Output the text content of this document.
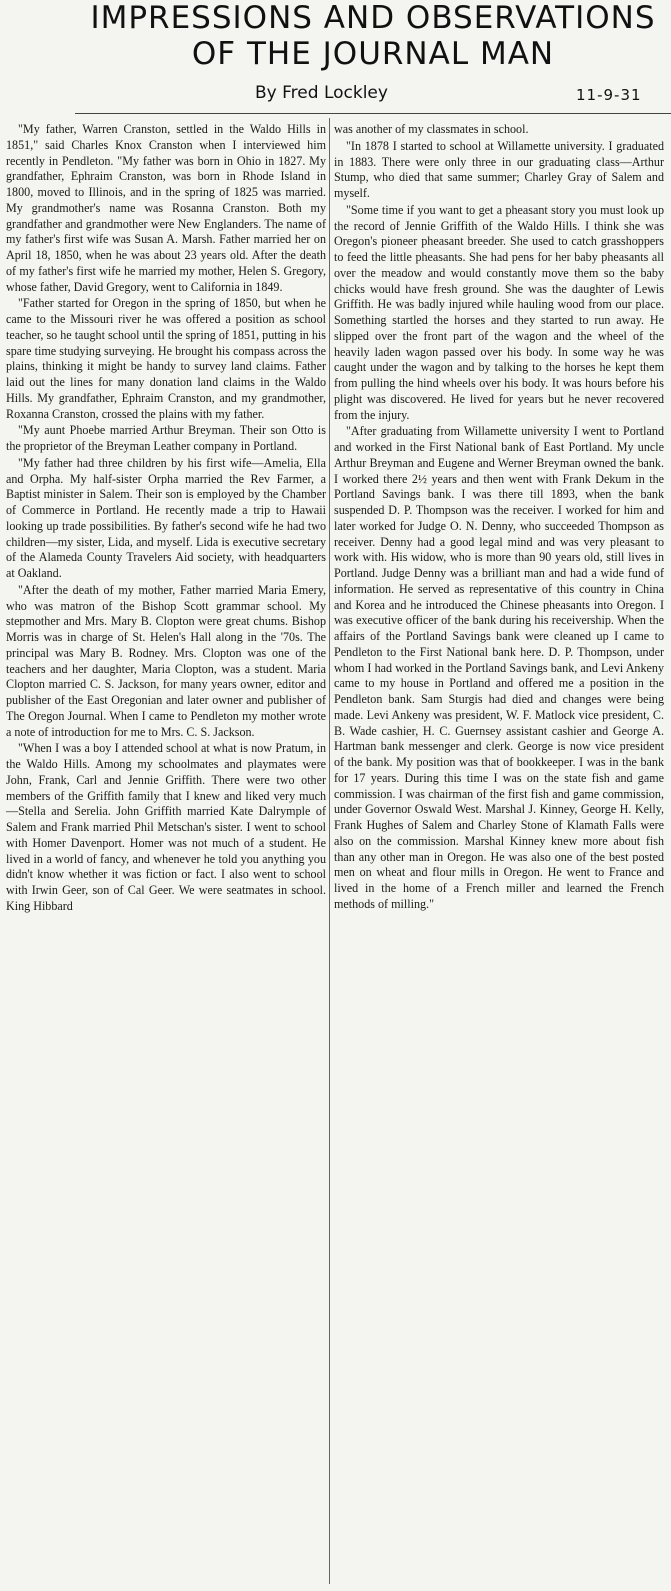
IMPRESSIONS AND OBSERVATIONS
OF THE JOURNAL MAN
By Fred Lockley	11-9-31

"My father, Warren Cranston, settled in the Waldo Hills in 1851," said Charles Knox Cranston when I interviewed him recently in Pendleton. "My father was born in Ohio in 1827. My grandfather, Ephraim Cranston, was born in Rhode Island in 1800, moved to Illinois, and in the spring of 1825 was married. My grandmother's name was Rosanna Cranston. Both my grandfather and grandmother were New Englanders. The name of my father's first wife was Susan A. Marsh. Father married her on April 18, 1850, when he was about 23 years old. After the death of my father's first wife he married my mother, Helen S. Gregory, whose father, David Gregory, went to California in 1849.

"Father started for Oregon in the spring of 1850, but when he came to the Missouri river he was offered a position as school teacher, so he taught school until the spring of 1851, putting in his spare time studying surveying. He brought his compass across the plains, thinking it might be handy to survey land claims. Father laid out the lines for many donation land claims in the Waldo Hills. My grandfather, Ephraim Cranston, and my grandmother, Roxanna Cranston, crossed the plains with my father.

"My aunt Phoebe married Arthur Breyman. Their son Otto is the proprietor of the Breyman Leather company in Portland.

"My father had three children by his first wife—Amelia, Ella and Orpha. My half-sister Orpha married the Rev Farmer, a Baptist minister in Salem. Their son is employed by the Chamber of Commerce in Portland. He recently made a trip to Hawaii looking up trade possibilities. By father's second wife he had two children—my sister, Lida, and myself. Lida is executive secretary of the Alameda County Travelers Aid society, with headquarters at Oakland.

"After the death of my mother, Father married Maria Emery, who was matron of the Bishop Scott grammar school. My stepmother and Mrs. Mary B. Clopton were great chums. Bishop Morris was in charge of St. Helen's Hall along in the '70s. The principal was Mary B. Rodney. Mrs. Clopton was one of the teachers and her daughter, Maria Clopton, was a student. Maria Clopton married C. S. Jackson, for many years owner, editor and publisher of the East Oregonian and later owner and publisher of The Oregon Journal. When I came to Pendleton my mother wrote a note of introduction for me to Mrs. C. S. Jackson.

"When I was a boy I attended school at what is now Pratum, in the Waldo Hills. Among my schoolmates and playmates were John, Frank, Carl and Jennie Griffith. There were two other members of the Griffith family that I knew and liked very much—Stella and Serelia. John Griffith married Kate Dalrymple of Salem and Frank married Phil Metschan's sister. I went to school with Homer Davenport. Homer was not much of a student. He lived in a world of fancy, and whenever he told you anything you didn't know whether it was fiction or fact. I also went to school with Irwin Geer, son of Cal Geer. We were seatmates in school. King Hibbard

was another of my classmates in school.

"In 1878 I started to school at Willamette university. I graduated in 1883. There were only three in our graduating class—Arthur Stump, who died that same summer; Charley Gray of Salem and myself.

"Some time if you want to get a pheasant story you must look up the record of Jennie Griffith of the Waldo Hills. I think she was Oregon's pioneer pheasant breeder. She used to catch grasshoppers to feed the little pheasants. She had pens for her baby pheasants all over the meadow and would constantly move them so the baby chicks would have fresh ground. She was the daughter of Lewis Griffith. He was badly injured while hauling wood from our place. Something startled the horses and they started to run away. He slipped over the front part of the wagon and the wheel of the heavily laden wagon passed over his body. In some way he was caught under the wagon and by talking to the horses he kept them from pulling the hind wheels over his body. It was hours before his plight was discovered. He lived for years but he never recovered from the injury.

"After graduating from Willamette university I went to Portland and worked in the First National bank of East Portland. My uncle Arthur Breyman and Eugene and Werner Breyman owned the bank. I worked there 2½ years and then went with Frank Dekum in the Portland Savings bank. I was there till 1893, when the bank suspended D. P. Thompson was the receiver. I worked for him and later worked for Judge O. N. Denny, who succeeded Thompson as receiver. Denny had a good legal mind and was very pleasant to work with. His widow, who is more than 90 years old, still lives in Portland. Judge Denny was a brilliant man and had a wide fund of information. He served as representative of this country in China and Korea and he introduced the Chinese pheasants into Oregon. I was executive officer of the bank during his receivership. When the affairs of the Portland Savings bank were cleaned up I came to Pendleton to the First National bank here. D. P. Thompson, under whom I had worked in the Portland Savings bank, and Levi Ankeny came to my house in Portland and offered me a position in the Pendleton bank. Sam Sturgis had died and changes were being made. Levi Ankeny was president, W. F. Matlock vice president, C. B. Wade cashier, H. C. Guernsey assistant cashier and George A. Hartman bank messenger and clerk. George is now vice president of the bank. My position was that of bookkeeper. I was in the bank for 17 years. During this time I was on the state fish and game commission. I was chairman of the first fish and game commission, under Governor Oswald West. Marshal J. Kinney, George H. Kelly, Frank Hughes of Salem and Charley Stone of Klamath Falls were also on the commission. Marshal Kinney knew more about fish than any other man in Oregon. He was also one of the best posted men on wheat and flour mills in Oregon. He went to France and lived in the home of a French miller and learned the French methods of milling."
